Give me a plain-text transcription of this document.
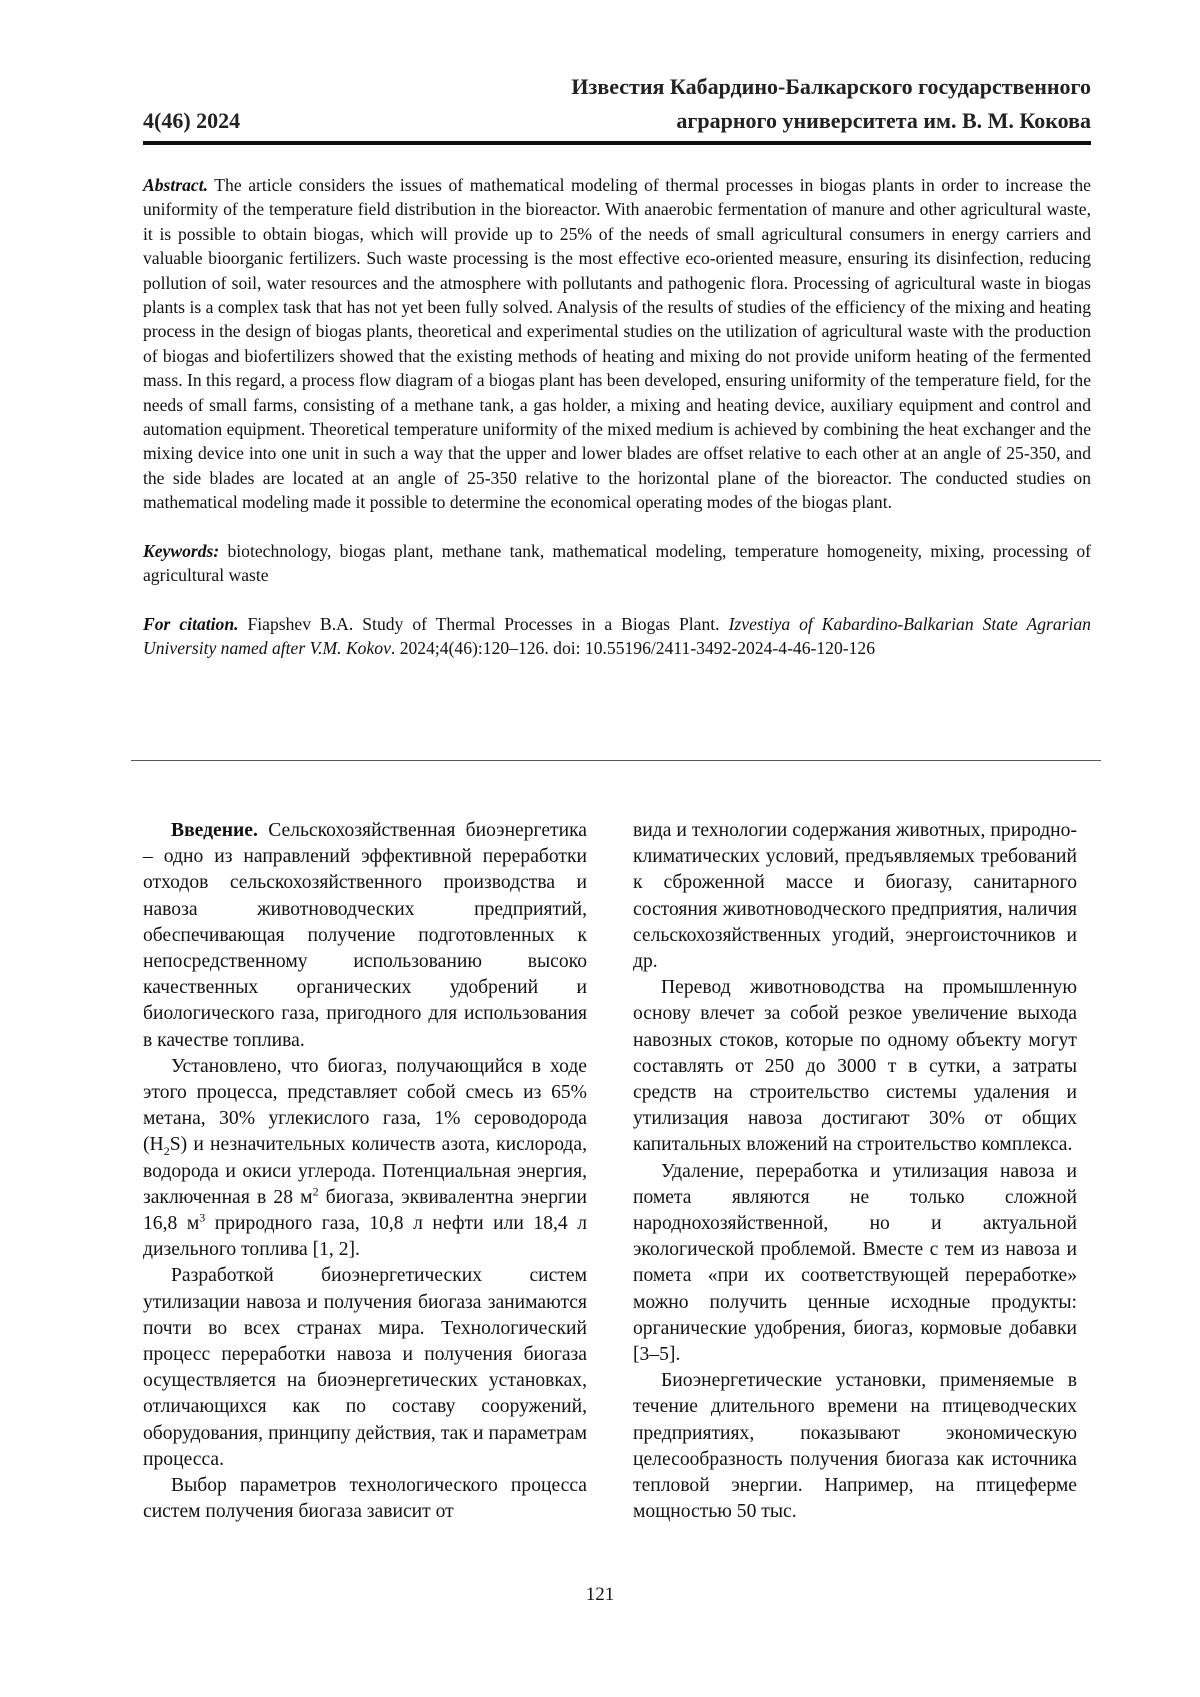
4(46) 2024
Известия Кабардино-Балкарского государственного
аграрного университета им. В. М. Кокова

Abstract. The article considers the issues of mathematical modeling of thermal processes in biogas plants in order to increase the uniformity of the temperature field distribution in the bioreactor. With anaerobic fermentation of manure and other agricultural waste, it is possible to obtain biogas, which will provide up to 25% of the needs of small agricultural consumers in energy carriers and valuable bioorganic fertilizers. Such waste processing is the most effective eco-oriented measure, ensuring its disinfection, reducing pollution of soil, water resources and the atmosphere with pollutants and pathogenic flora. Processing of agricultural waste in biogas plants is a complex task that has not yet been fully solved. Analysis of the results of studies of the efficiency of the mixing and heating process in the design of biogas plants, theoretical and experimental studies on the utilization of agricultural waste with the production of biogas and biofertilizers showed that the existing methods of heating and mixing do not provide uniform heating of the fermented mass. In this regard, a process flow diagram of a biogas plant has been developed, ensuring uniformity of the temperature field, for the needs of small farms, consisting of a methane tank, a gas holder, a mixing and heating device, auxiliary equipment and control and automation equipment. Theoretical temperature uniformity of the mixed medium is achieved by combining the heat exchanger and the mixing device into one unit in such a way that the upper and lower blades are offset relative to each other at an angle of 25-350, and the side blades are located at an angle of 25-350 relative to the horizontal plane of the bioreactor. The conducted studies on mathematical modeling made it possible to determine the economical operating modes of the biogas plant.

Keywords: biotechnology, biogas plant, methane tank, mathematical modeling, temperature homogeneity, mixing, processing of agricultural waste

For citation. Fiapshev B.A. Study of Thermal Processes in a Biogas Plant. Izvestiya of Kabardino-Balkarian State Agrarian University named after V.M. Kokov. 2024;4(46):120–126. doi: 10.55196/2411-3492-2024-4-46-120-126

Введение. Сельскохозяйственная биоэнергетика – одно из направлений эффективной переработки отходов сельскохозяйственного производства и навоза животноводческих предприятий, обеспечивающая получение подготовленных к непосредственному использованию высоко качественных органических удобрений и биологического газа, пригодного для использования в качестве топлива.

Установлено, что биогаз, получающийся в ходе этого процесса, представляет собой смесь из 65% метана, 30% углекислого газа, 1% сероводорода $(H_2S)$ и незначительных количеств азота, кислорода, водорода и окиси углерода. Потенциальная энергия, заключенная в 28 $м^2$ биогаза, эквивалентна энергии 16,8 $м^3$ природного газа, 10,8 л нефти или 18,4 л дизельного топлива [1, 2].

Разработкой биоэнергетических систем утилизации навоза и получения биогаза занимаются почти во всех странах мира. Технологический процесс переработки навоза и получения биогаза осуществляется на биоэнергетических установках, отличающихся как по составу сооружений, оборудования, принципу действия, так и параметрам процесса.

Выбор параметров технологического процесса систем получения биогаза зависит от

вида и технологии содержания животных, природно-климатических условий, предъявляемых требований к сброженной массе и биогазу, санитарного состояния животноводческого предприятия, наличия сельскохозяйственных угодий, энергоисточников и др.

Перевод животноводства на промышленную основу влечет за собой резкое увеличение выхода навозных стоков, которые по одному объекту могут составлять от 250 до 3000 т в сутки, а затраты средств на строительство системы удаления и утилизация навоза достигают 30% от общих капитальных вложений на строительство комплекса.

Удаление, переработка и утилизация навоза и помета являются не только сложной народнохозяйственной, но и актуальной экологической проблемой. Вместе с тем из навоза и помета «при их соответствующей переработке» можно получить ценные исходные продукты: органические удобрения, биогаз, кормовые добавки [3–5].

Биоэнергетические установки, применяемые в течение длительного времени на птицеводческих предприятиях, показывают экономическую целесообразность получения биогаза как источника тепловой энергии. Например, на птицеферме мощностью 50 тыс.

121
